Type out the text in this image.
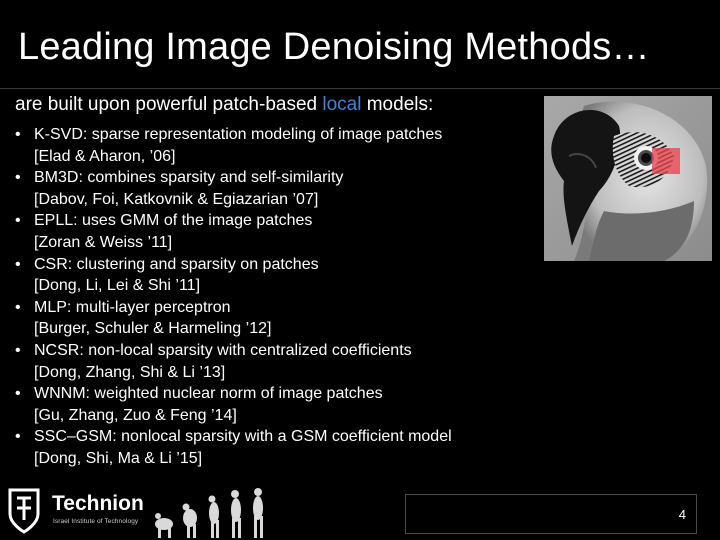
Leading Image Denoising Methods…
are built upon powerful patch-based local models:
• K-SVD: sparse representation modeling of image patches
[Elad & Aharon, ’06]
• BM3D: combines sparsity and self-similarity
[Dabov, Foi, Katkovnik & Egiazarian ’07]
• EPLL: uses GMM of the image patches
[Zoran & Weiss ’11]
• CSR: clustering and sparsity on patches
[Dong, Li, Lei & Shi ’11]
• MLP: multi-layer perceptron
[Burger, Schuler & Harmeling ’12]
• NCSR: non-local sparsity with centralized coefficients
[Dong, Zhang, Shi & Li ’13]
• WNNM: weighted nuclear norm of image patches
[Gu, Zhang, Zuo & Feng ’14]
• SSC–GSM: nonlocal sparsity with a GSM coefficient model
[Dong, Shi, Ma & Li ’15]
Technion
Israel Institute of Technology	4
